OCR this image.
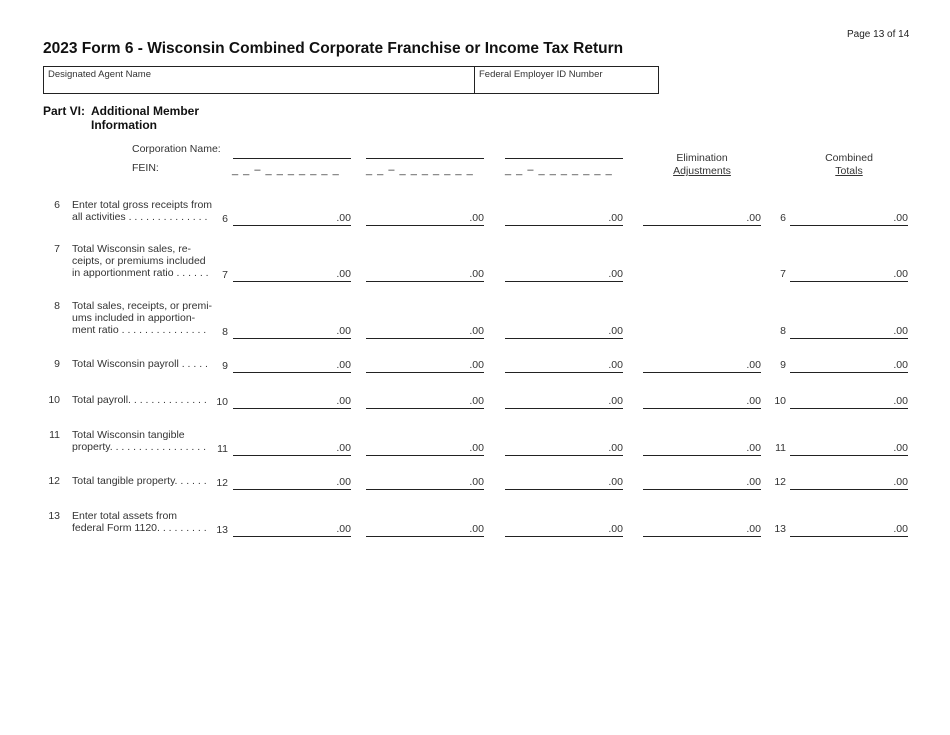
Page 13 of 14
2023 Form 6 - Wisconsin Combined Corporate Franchise or Income Tax Return
Designated Agent Name	Federal Employer ID Number
Part VI: Additional Member
Information
Corporation Name:
FEIN:	_ _ – _ _ _ _ _ _ _ _ _ – _ _ _ _ _ _ _	_ _ – _ _ _ _ _ _ _
Elimination
Adjustments
Combined
Totals
6 Enter total gross receipts from
all activities . . . . . . . . . . . . . .	6	.00	.00	.00	.00	6	.00
7 Total Wisconsin sales, re-
ceipts, or premiums included
in apportionment ratio . . . . . .	7	.00	.00	.00	7	.00
8 Total sales, receipts, or premi-
ums included in apportion-
ment ratio . . . . . . . . . . . . . . .	8	.00	.00	.00	8	.00
9 Total Wisconsin payroll . . . . .	9	.00	.00	.00	.00	9	.00
10 Total payroll. . . . . . . . . . . . . . 10	.00	.00	.00	.00	10	.00
11 Total Wisconsin tangible
property. . . . . . . . . . . . . . . . .	11	.00	.00	.00	.00	11	.00
12 Total tangible property. . . . . . 12	.00	.00	.00	.00	12	.00
13 Enter total assets from
federal Form 1120. . . . . . . . . 13	.00	.00	.00	.00	13	.00
